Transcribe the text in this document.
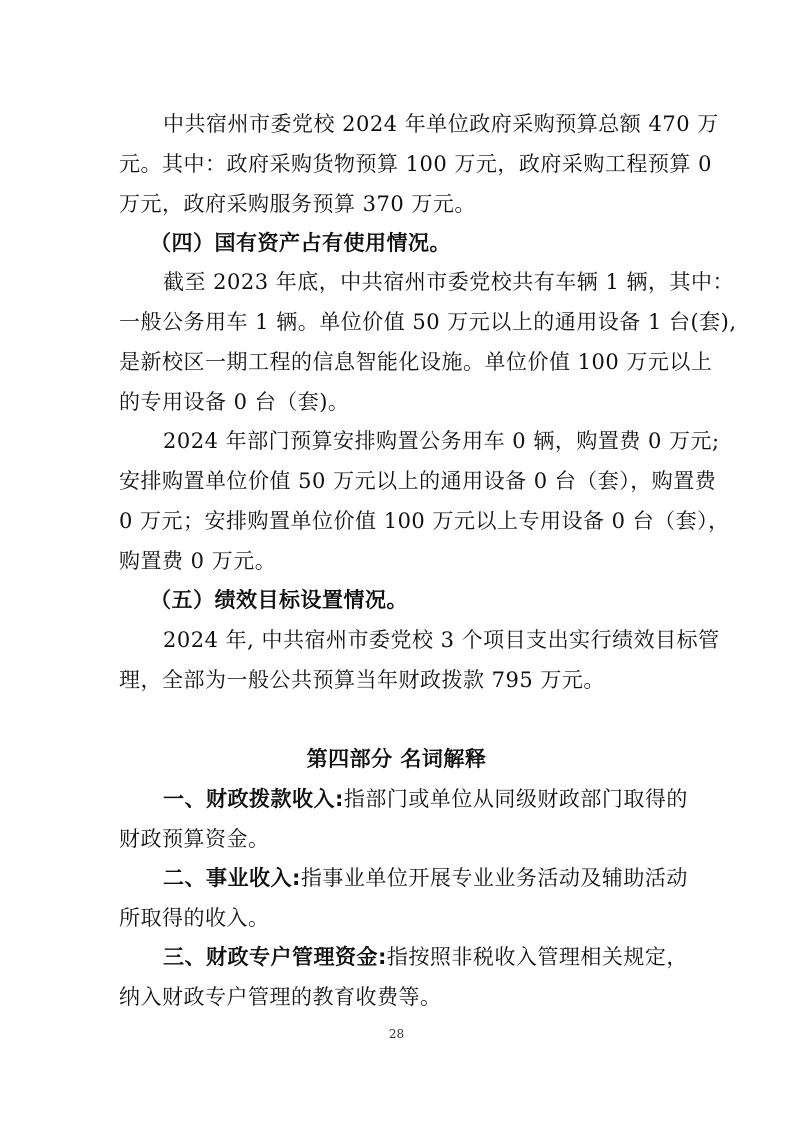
中共宿州市委党校 2024 年单位政府采购预算总额 470 万
元。其中：政府采购货物预算 100 万元，政府采购工程预算 0
万元，政府采购服务预算 370 万元。
（四）国有资产占有使用情况。
截至 2023 年底，中共宿州市委党校共有车辆 1 辆，其中：
一般公务用车 1 辆。单位价值 50 万元以上的通用设备 1 台(套),
是新校区一期工程的信息智能化设施。单位价值 100 万元以上
的专用设备 0 台（套)。
2024 年部门预算安排购置公务用车 0 辆，购置费 0 万元;
安排购置单位价值 50 万元以上的通用设备 0 台（套），购置费
0 万元；安排购置单位价值 100 万元以上专用设备 0 台（套），
购置费 0 万元。
（五）绩效目标设置情况。
2024 年, 中共宿州市委党校 3 个项目支出实行绩效目标管
理，全部为一般公共预算当年财政拨款 795 万元。
第四部分 名词解释
一、财政拨款收入:指部门或单位从同级财政部门取得的
财政预算资金。
二、事业收入:指事业单位开展专业业务活动及辅助活动
所取得的收入。
三、财政专户管理资金:指按照非税收入管理相关规定，
纳入财政专户管理的教育收费等。
28
